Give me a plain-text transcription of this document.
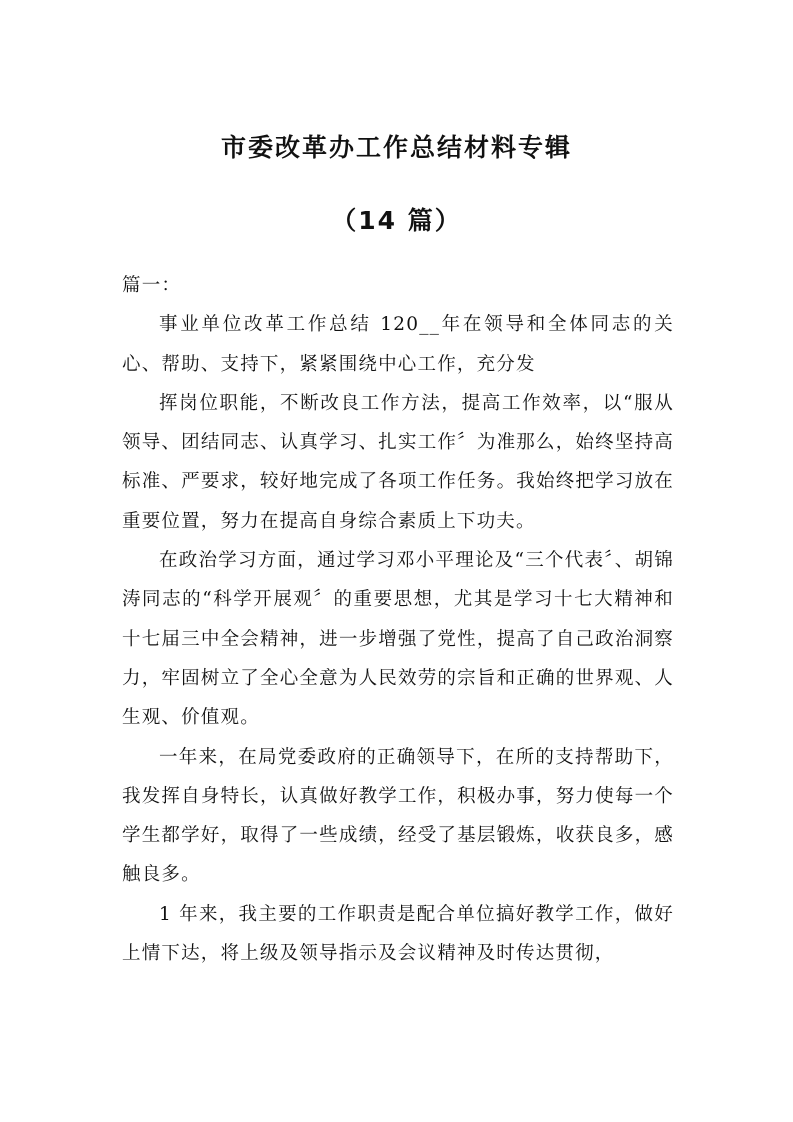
市委改革办工作总结材料专辑
（14 篇）

篇一：

事业单位改革工作总结 120__年在领导和全体同志的关心、帮助、支持下，紧紧围绕中心工作，充分发

挥岗位职能，不断改良工作方法，提高工作效率，以“服从领导、团结同志、认真学习、扎实工作〞为准那么，始终坚持高标准、严要求，较好地完成了各项工作任务。我始终把学习放在重要位置，努力在提高自身综合素质上下功夫。

在政治学习方面，通过学习邓小平理论及“三个代表〞、胡锦涛同志的“科学开展观〞的重要思想，尤其是学习十七大精神和十七届三中全会精神，进一步增强了党性，提高了自己政治洞察力，牢固树立了全心全意为人民效劳的宗旨和正确的世界观、人生观、价值观。

一年来，在局党委政府的正确领导下，在所的支持帮助下，我发挥自身特长，认真做好教学工作，积极办事，努力使每一个学生都学好，取得了一些成绩，经受了基层锻炼，收获良多，感触良多。

1 年来，我主要的工作职责是配合单位搞好教学工作，做好上情下达，将上级及领导指示及会议精神及时传达贯彻，
